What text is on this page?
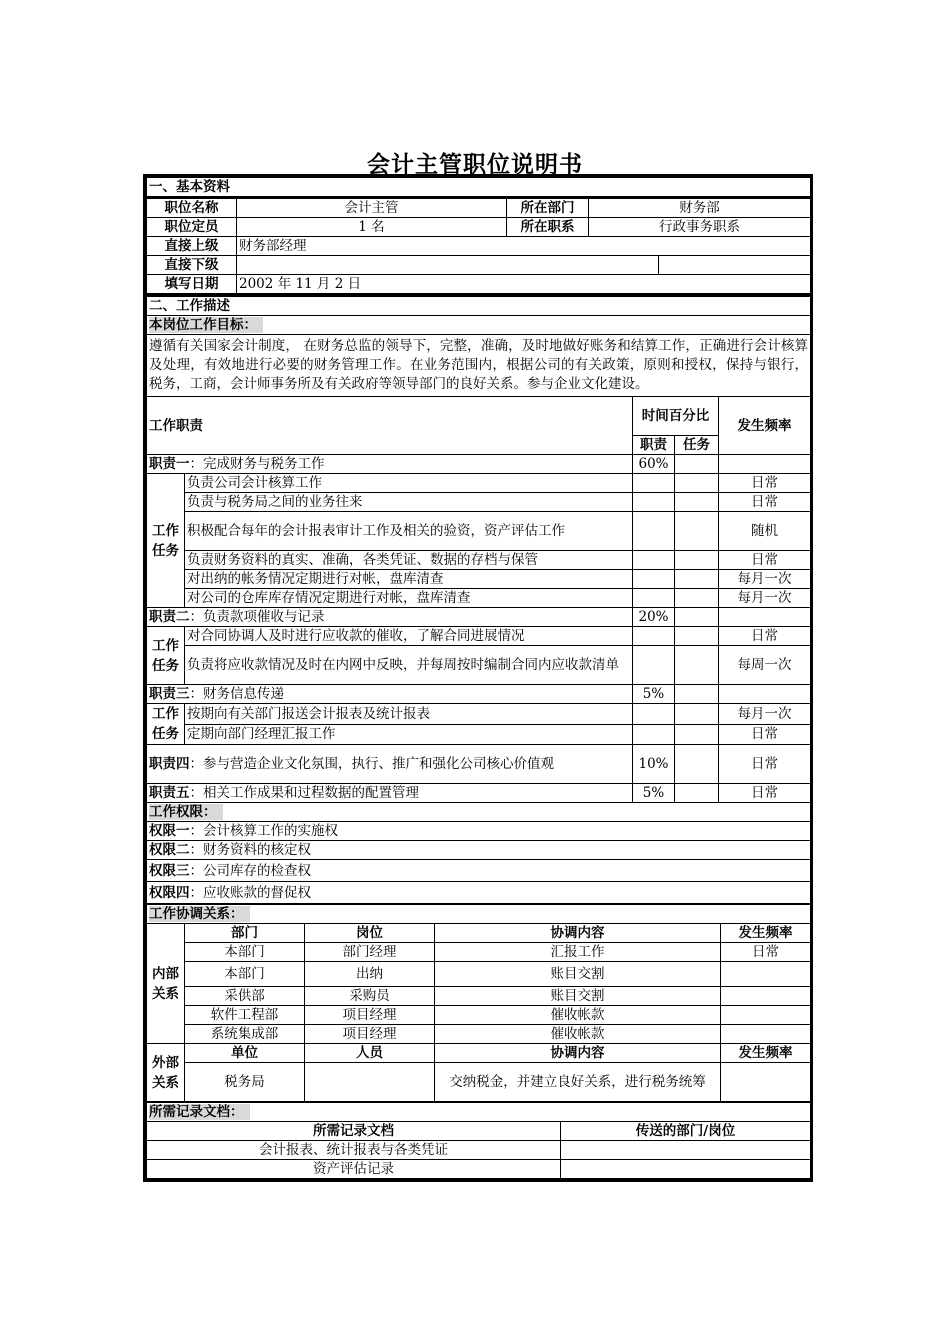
会计主管职位说明书
一、基本资料				
职位名称	会计主管	所在部门	财务部	
职位定员	1 名	所在职系	行政事务职系	
直接上级	财务部经理			
直接下级				
填写日期	2002 年 11 月 2 日			
二、工作描述				
本岗位工作目标：				
遵循有关国家会计制度， 在财务总监的领导下，完整，准确，及时地做好账务和结算工作，正确进行会计核算及处理，有效地进行必要的财务管理工作。在业务范围内，根据公司的有关政策，原则和授权，保持与银行，税务，工商，会计师事务所及有关政府等领导部门的良好关系。参与企业文化建设。				
工作职责		时间百分比		发生频率
		职责	任务	
职责一：完成财务与税务工作		60%		
工作任务	负责公司会计核算工作			日常
	负责与税务局之间的业务往来			日常
	积极配合每年的会计报表审计工作及相关的验资，资产评估工作			随机
	负责财务资料的真实、准确，各类凭证、数据的存档与保管			日常
	对出纳的帐务情况定期进行对帐，盘库清查			每月一次
	对公司的仓库库存情况定期进行对帐，盘库清查			每月一次
职责二：负责款项催收与记录		20%		
工作任务	对合同协调人及时进行应收款的催收，了解合同进展情况			日常
	负责将应收款情况及时在内网中反映，并每周按时编制合同内应收款清单			每周一次
职责三：财务信息传递		5%		
工作任务	按期向有关部门报送会计报表及统计报表			每月一次
	定期向部门经理汇报工作			日常
职责四：参与营造企业文化氛围，执行、推广和强化公司核心价值观		10%		日常
职责五：相关工作成果和过程数据的配置管理		5%		日常
工作权限：				
权限一：会计核算工作的实施权				
权限二：财务资料的核定权				
权限三：公司库存的检查权				
权限四：应收账款的督促权				
工作协调关系：				
内部关系	部门	岗位	协调内容	发生频率
	本部门	部门经理	汇报工作	日常
	本部门	出纳	账目交割	
	采供部	采购员	账目交割	
	软件工程部	项目经理	催收帐款	
	系统集成部	项目经理	催收帐款	
外部关系	单位	人员	协调内容	发生频率
	税务局		交纳税金，并建立良好关系，进行税务统筹	
所需记录文档：	
所需记录文档	传送的部门/岗位
会计报表、统计报表与各类凭证	
资产评估记录	
